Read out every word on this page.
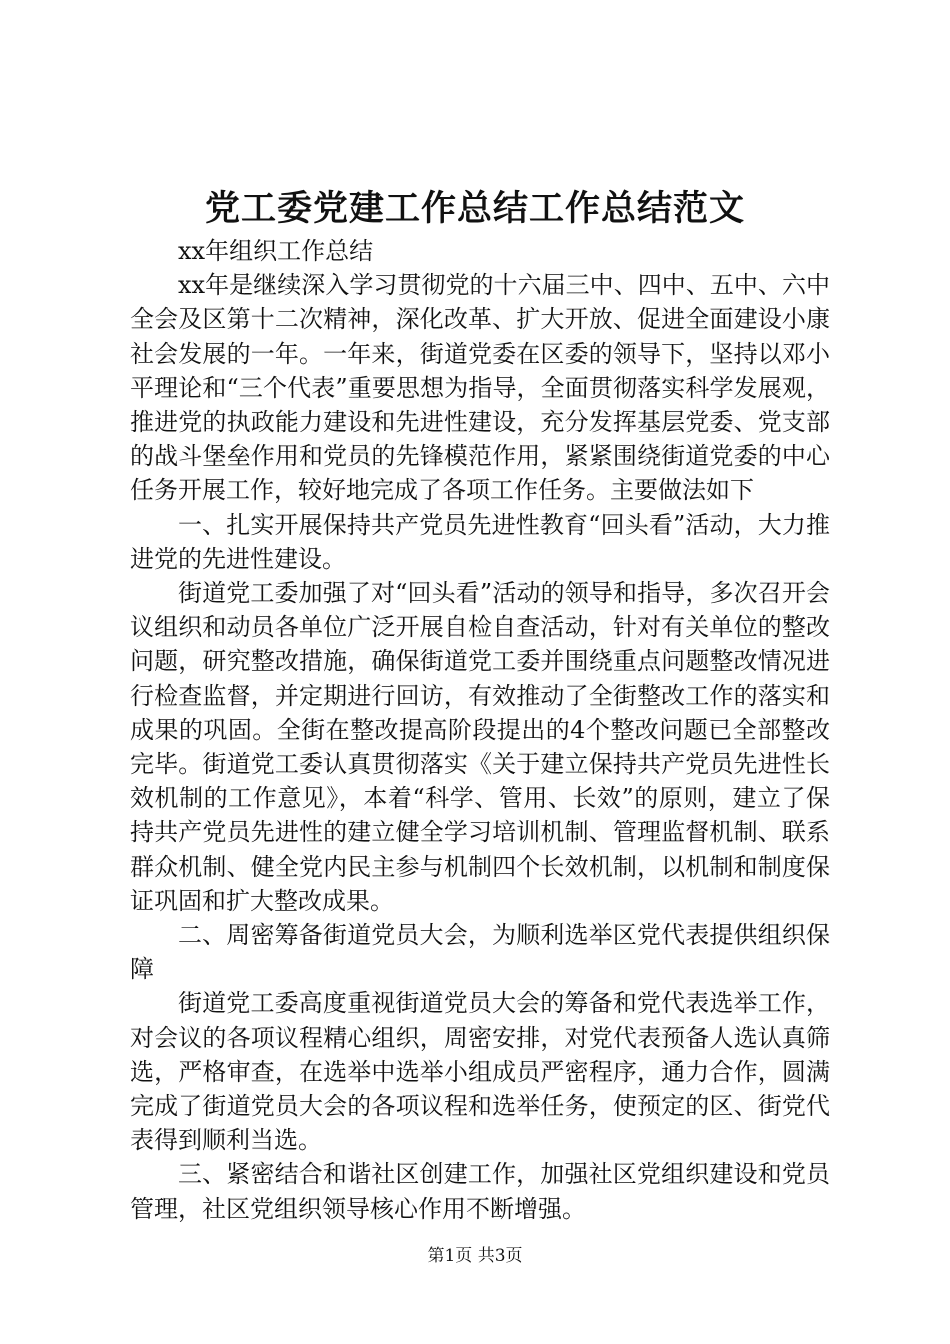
党工委党建工作总结工作总结范文

xx年组织工作总结

xx年是继续深入学习贯彻党的十六届三中、四中、五中、六中全会及区第十二次精神，深化改革、扩大开放、促进全面建设小康社会发展的一年。一年来，街道党委在区委的领导下，坚持以邓小平理论和“三个代表”重要思想为指导，全面贯彻落实科学发展观，推进党的执政能力建设和先进性建设，充分发挥基层党委、党支部的战斗堡垒作用和党员的先锋模范作用，紧紧围绕街道党委的中心任务开展工作，较好地完成了各项工作任务。主要做法如下

一、扎实开展保持共产党员先进性教育“回头看”活动，大力推进党的先进性建设。

街道党工委加强了对“回头看”活动的领导和指导，多次召开会议组织和动员各单位广泛开展自检自查活动，针对有关单位的整改问题，研究整改措施，确保街道党工委并围绕重点问题整改情况进行检查监督，并定期进行回访，有效推动了全街整改工作的落实和成果的巩固。全街在整改提高阶段提出的4个整改问题已全部整改完毕。街道党工委认真贯彻落实《关于建立保持共产党员先进性长效机制的工作意见》，本着“科学、管用、长效”的原则，建立了保持共产党员先进性的建立健全学习培训机制、管理监督机制、联系群众机制、健全党内民主参与机制四个长效机制，以机制和制度保证巩固和扩大整改成果。

二、周密筹备街道党员大会，为顺利选举区党代表提供组织保障

街道党工委高度重视街道党员大会的筹备和党代表选举工作，对会议的各项议程精心组织，周密安排，对党代表预备人选认真筛选，严格审查，在选举中选举小组成员严密程序，通力合作，圆满完成了街道党员大会的各项议程和选举任务，使预定的区、街党代表得到顺利当选。

三、紧密结合和谐社区创建工作，加强社区党组织建设和党员管理，社区党组织领导核心作用不断增强。

第1页 共3页
